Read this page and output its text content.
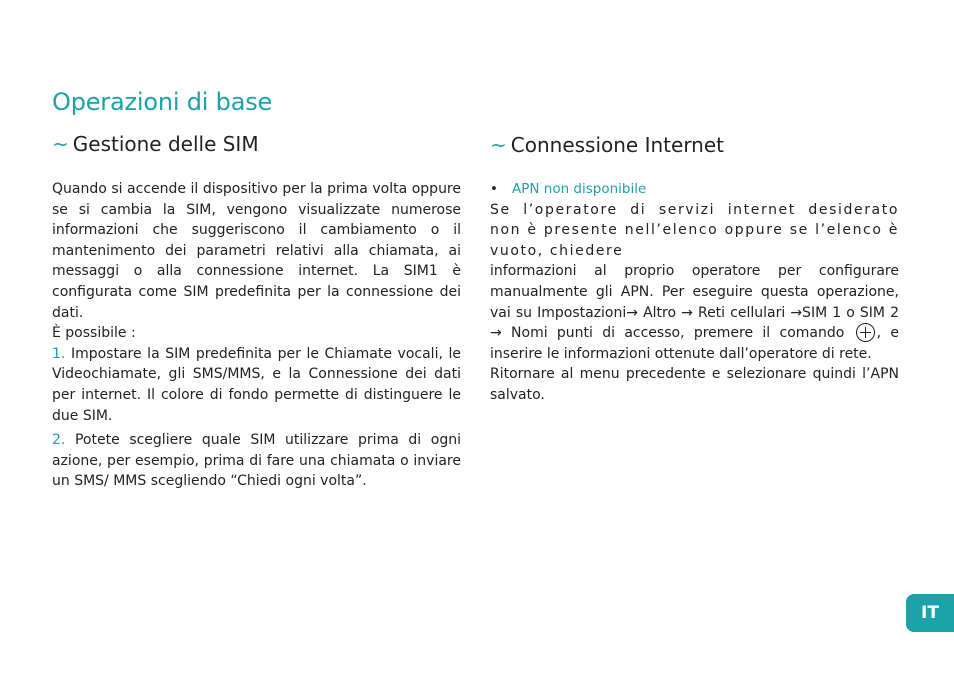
Operazioni di base
~ Gestione delle SIM

Quando si accende il dispositivo per la prima volta oppure se si cambia la SIM, vengono visualizzate numerose informazioni che suggeriscono il cambiamento o il mantenimento dei parametri relativi alla chiamata, ai messaggi o alla connessione internet. La SIM1 è configurata come SIM predefinita per la connessione dei dati.

È possibile :

1. Impostare la SIM predefinita per le Chiamate vocali, le Videochiamate, gli SMS/MMS, e la Connessione dei dati per internet. Il colore di fondo permette di distinguere le due SIM.

2. Potete scegliere quale SIM utilizzare prima di ogni azione, per esempio, prima di fare una chiamata o inviare un SMS/ MMS scegliendo “Chiedi ogni volta”.

~ Connessione Internet

• APN non disponibile

Se l’operatore di servizi internet desiderato non è presente nell’elenco oppure se l’elenco è vuoto, chiedere

informazioni al proprio operatore per configurare manualmente gli APN. Per eseguire questa operazione, vai su Impostazioni→ Altro → Reti cellulari →SIM 1 o SIM 2 → Nomi punti di accesso, premere il comando , e inserire le informazioni ottenute dall’operatore di rete.

Ritornare al menu precedente e selezionare quindi l’APN salvato.

IT
